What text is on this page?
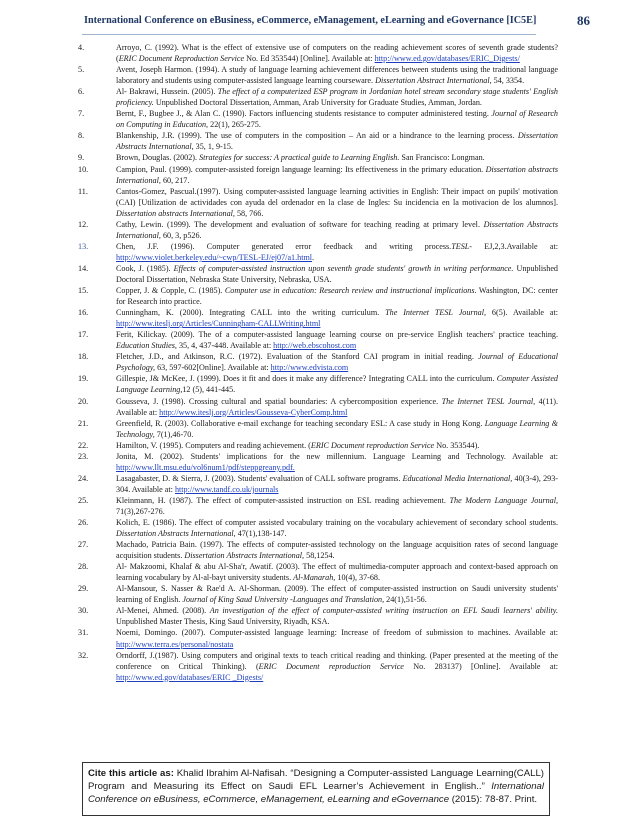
International Conference on eBusiness, eCommerce, eManagement, eLearning and eGovernance [IC5E]	86

4.	Arroyo, C. (1992). What is the effect of extensive use of computers on the reading achievement scores of seventh grade students? (ERIC Document Reproduction Service No. Ed 353544) [Online]. Available at: http://www.ed.gov/databases/ERIC_Digests/

5.	Avent, Joseph Harmon. (1994). A study of language learning achievement differences between students using the traditional language laboratory and students using computer-assisted language learning courseware. Dissertation Abstract International, 54, 3354.

6.	Al- Bakrawi, Hussein. (2005). The effect of a computerized ESP program in Jordanian hotel stream secondary stage students' English proficiency. Unpublished Doctoral Dissertation, Amman, Arab University for Graduate Studies, Amman, Jordan.

7.	Bernt, F., Bugbee J., & Alan C. (1990). Factors influencing students resistance to computer administered testing. Journal of Research on Computing in Education, 22(1), 265-275.

8.	Blankenship, J.R. (1999). The use of computers in the composition – An aid or a hindrance to the learning process. Dissertation Abstracts International, 35, 1, 9-15.

9.	Brown, Douglas. (2002). Strategies for success: A practical guide to Learning English. San Francisco: Longman.

10.	Campion, Paul. (1999). computer-assisted foreign language learning: Its effectiveness in the primary education. Dissertation abstracts International, 60, 217.

11.	Cantos-Gomez, Pascual.(1997). Using computer-assisted language learning activities in English: Their impact on pupils' motivation (CAI) [Utilization de actividades con ayuda del ordenador en la clase de Ingles: Su incidencia en la motivacion de los alumnos]. Dissertation abstracts International, 58, 766.

12.	Cathy, Lewin. (1999). The development and evaluation of software for teaching reading at primary level. Dissertation Abstracts International, 60, 3, p526.

13.	Chen, J.F. (1996). Computer generated error feedback and writing process.TESL- EJ,2,3.Available at: http://www.violet.berkeley.edu/~cwp/TESL-EJ/ej07/a1.html.

14.	Cook, J. (1985). Effects of computer-assisted instruction upon seventh grade students' growth in writing performance. Unpublished Doctoral Dissertation, Nebraska State University, Nebraska, USA.

15.	Copper, J. & Copple, C. (1985). Computer use in education: Research review and instructional implications. Washington, DC: center for Research into practice.

16.	Cunningham, K. (2000). Integrating CALL into the writing curriculum. The Internet TESL Journal, 6(5). Available at: http://www.iteslj.org/Articles/Cunningham-CALLWriting.html

17.	Ferit, Kilickay. (2009). The of a computer-assisted language learning course on pre-service English teachers' practice teaching. Education Studies, 35, 4, 437-448. Available at: http://web.ebscohost.com

18.	Fletcher, J.D., and Atkinson, R.C. (1972). Evaluation of the Stanford CAI program in initial reading. Journal of Educational Psychology, 63, 597-602[Online]. Available at: http://www.edvista.com

19.	Gillespie, J& McKee, J. (1999). Does it fit and does it make any difference? Integrating CALL into the curriculum. Computer Assisted Language Learning,12 (5), 441-445.

20.	Gousseva, J. (1998). Crossing cultural and spatial boundaries: A cybercomposition experience. The Internet TESL Journal, 4(11). Available at: http://www.iteslj.org/Articles/Gousseva-CyberComp.html

21.	Greenfield, R. (2003). Collaborative e-mail exchange for teaching secondary ESL: A case study in Hong Kong. Language Learning & Technology, 7(1),46-70.

22.	Hamilton, V. (1995). Computers and reading achievement. (ERIC Document reproduction Service No. 353544).

23.	Jonita, M. (2002). Students' implications for the new millennium. Language Learning and Technology. Available at: http://www.llt.msu.edu/vol6num1/pdf/steppgreany.pdf.

24.	Lasagabaster, D. & Sierra, J. (2003). Students' evaluation of CALL software programs. Educational Media International, 40(3-4), 293-304. Available at: http://www.tandf.co.uk/journals

25.	Kleinmann, H. (1987). The effect of computer-assisted instruction on ESL reading achievement. The Modern Language Journal, 71(3),267-276.

26.	Kolich, E. (1986). The effect of computer assisted vocabulary training on the vocabulary achievement of secondary school students. Dissertation Abstracts International, 47(1),138-147.

27.	Machado, Patricia Bain. (1997). The effects of computer-assisted technology on the language acquisition rates of second language acquisition students. Dissertation Abstracts International, 58,1254.

28.	Al- Makzoomi, Khalaf & abu Al-Sha'r, Awatif. (2003). The effect of multimedia-computer approach and context-based approach on learning vocabulary by Al-al-bayt university students. Al-Manarah, 10(4), 37-68.

29.	Al-Mansour, S. Nasser & Rae'd A. Al-Shorman. (2009). The effect of computer-assisted instruction on Saudi university students' learning of English. Journal of King Saud University -Languages and Translation, 24(1),51-56.

30.	Al-Menei, Ahmed. (2008). An investigation of the effect of computer-assisted writing instruction on EFL Saudi learners' ability. Unpublished Master Thesis, King Saud University, Riyadh, KSA.

31.	Noemi, Domingo. (2007). Computer-assisted language learning: Increase of freedom of submission to machines. Available at: http://www.terra.es/personal/nostata

32.	Orndorff, J.(1987). Using computers and original texts to teach critical reading and thinking. (Paper presented at the meeting of the conference on Critical Thinking). (ERIC Document reproduction Service No. 283137) [Online]. Available at: http://www.ed.gov/databases/ERIC _Digests/

Cite this article as: Khalid Ibrahim Al-Nafisah. “Designing a Computer-assisted Language Learning(CALL) Program and Measuring its Effect on Saudi EFL Learner’s Achievement in English..” International Conference on eBusiness, eCommerce, eManagement, eLearning and eGovernance (2015): 78-87. Print.
